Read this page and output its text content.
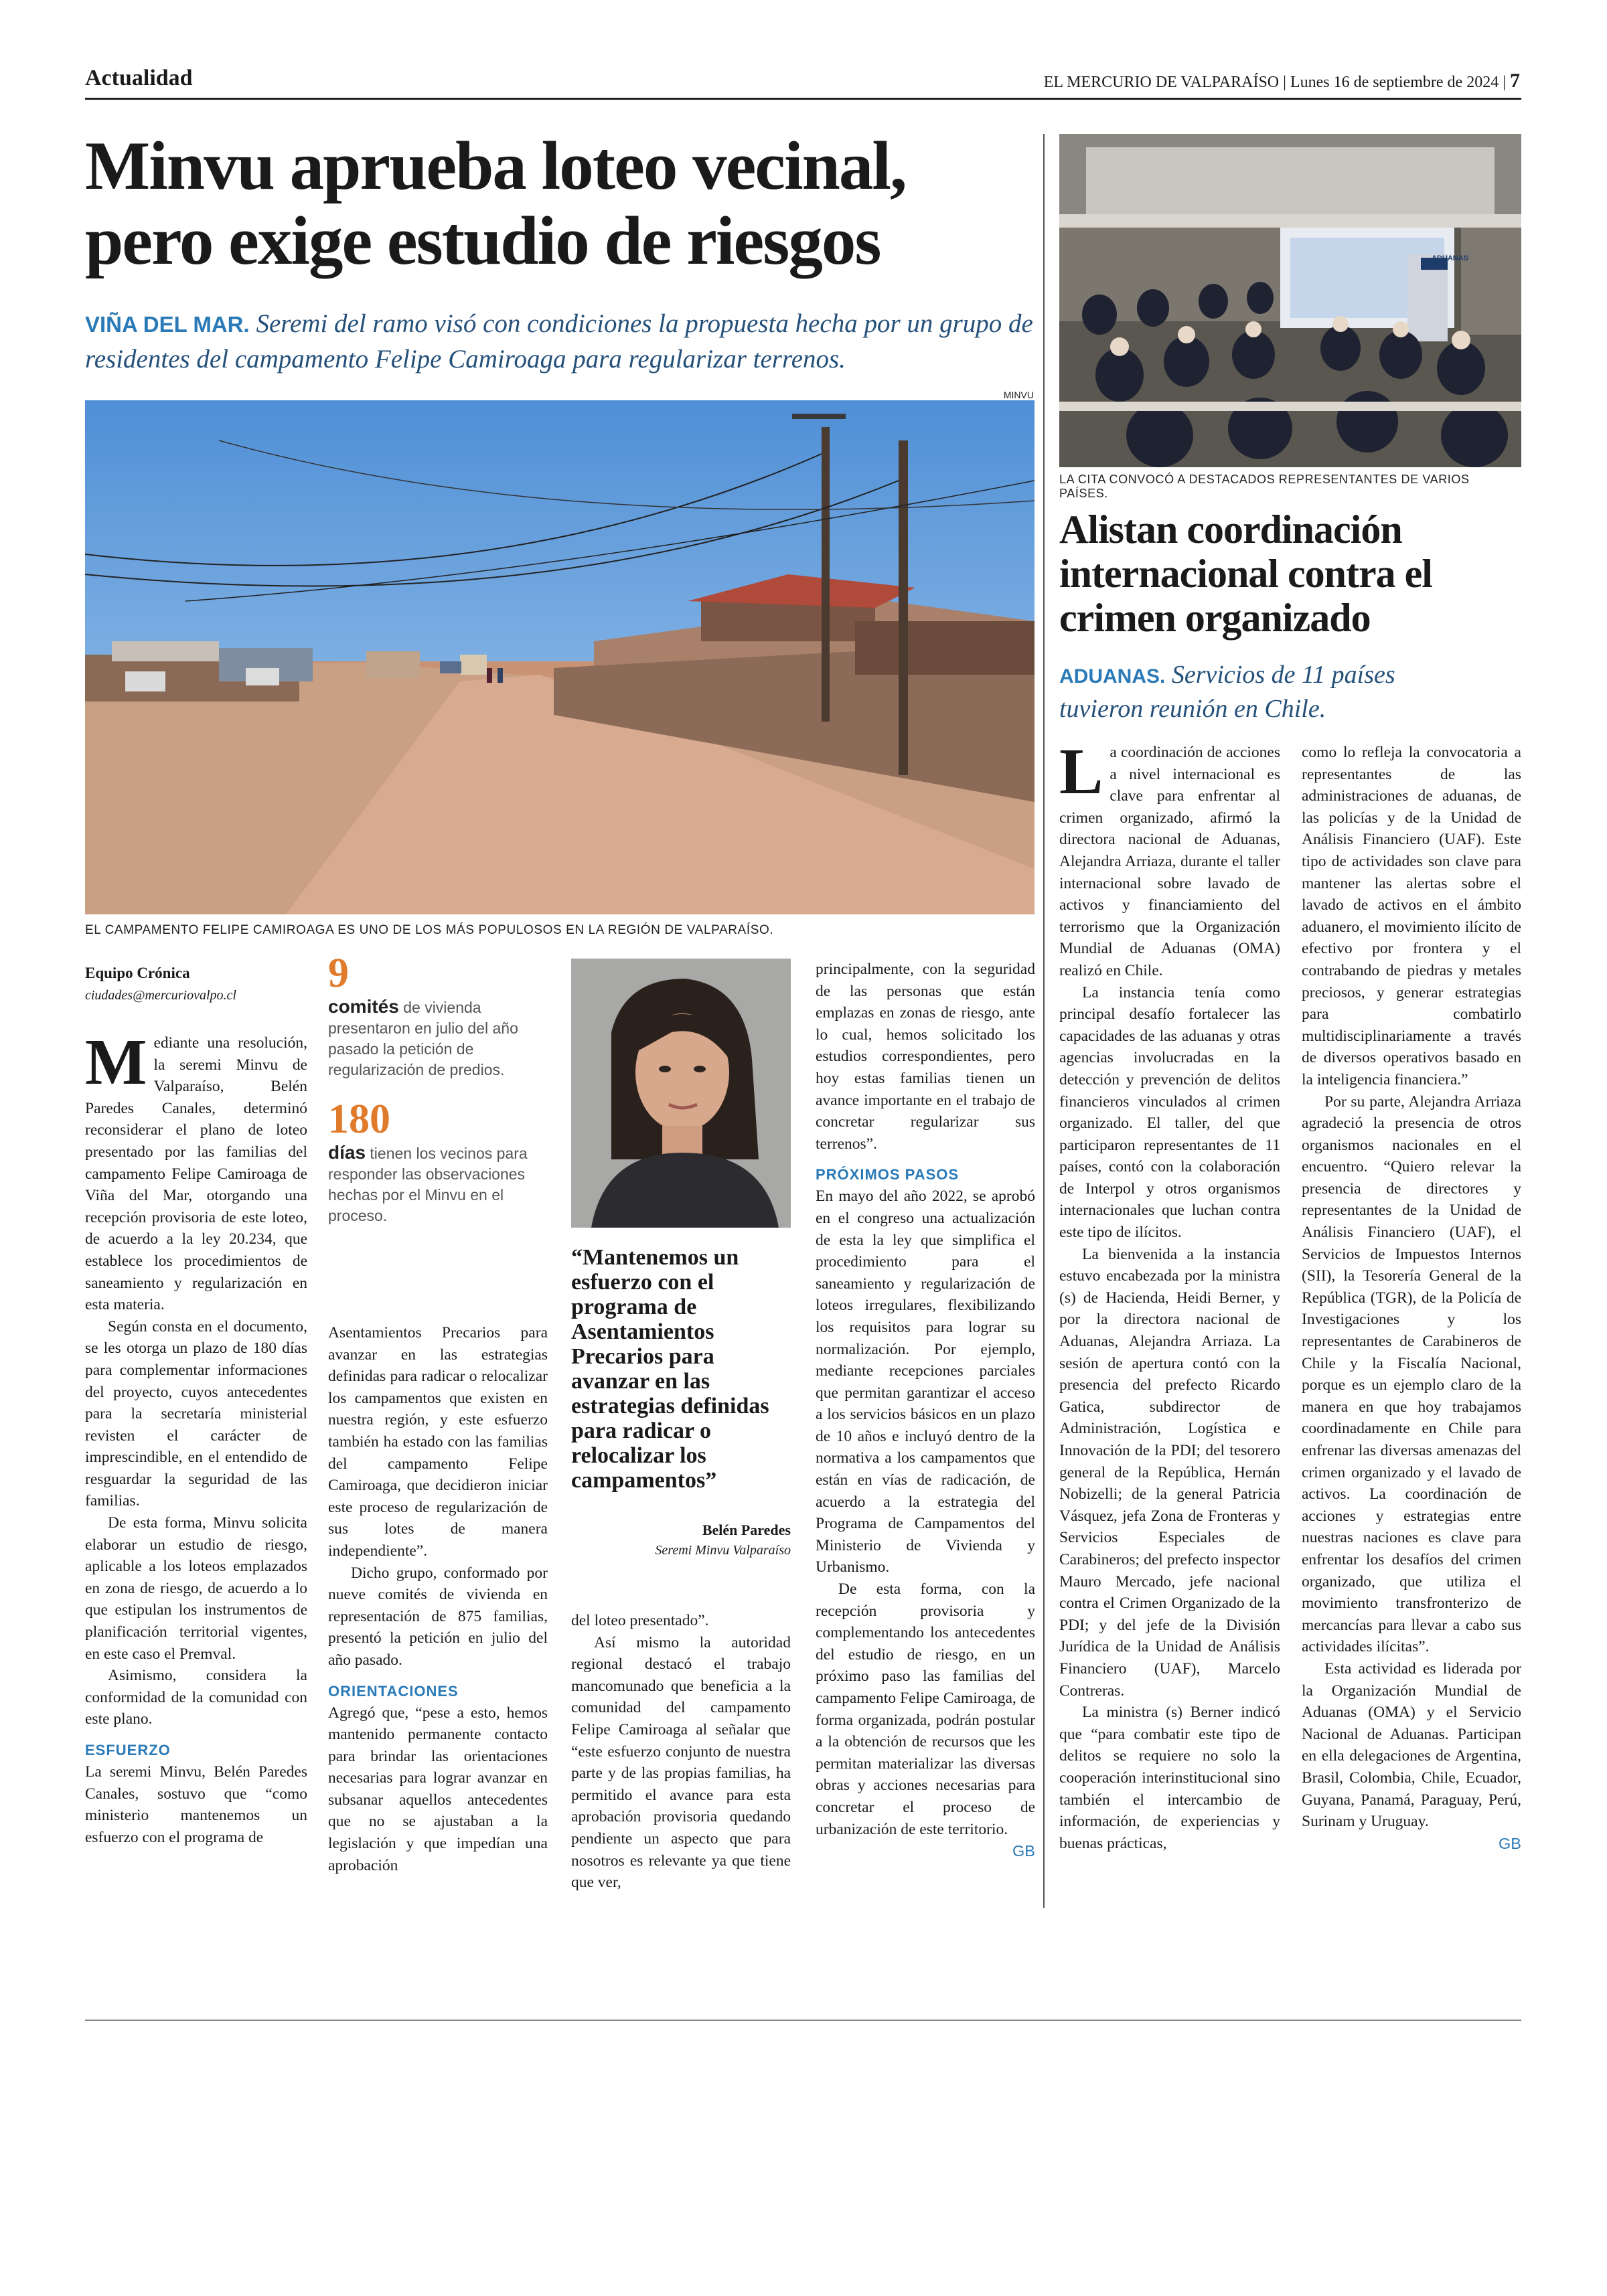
Actualidad	EL MERCURIO DE VALPARAÍSO | Lunes 16 de septiembre de 2024 | 7
Minvu aprueba loteo vecinal,
pero exige estudio de riesgos
VIÑA DEL MAR. Seremi del ramo visó con condiciones la propuesta hecha por un grupo de residentes del campamento Felipe Camiroaga para regularizar terrenos.
MINVU
EL CAMPAMENTO FELIPE CAMIROAGA ES UNO DE LOS MÁS POPULOSOS EN LA REGIÓN DE VALPARAÍSO.
Equipo Crónica
ciudades@mercuriovalpo.cl

Mediante una resolución, la seremi Minvu de Valparaíso, Belén Paredes Canales, determinó reconsiderar el plano de loteo presentado por las familias del campamento Felipe Camiroaga de Viña del Mar, otorgando una recepción provisoria de este loteo, de acuerdo a la ley 20.234, que establece los procedimientos de saneamiento y regularización en esta materia.

Según consta en el documento, se les otorga un plazo de 180 días para complementar informaciones del proyecto, cuyos antecedentes para la secretaría ministerial revisten el carácter de imprescindible, en el entendido de resguardar la seguridad de las familias.

De esta forma, Minvu solicita elaborar un estudio de riesgo, aplicable a los loteos emplazados en zona de riesgo, de acuerdo a lo que estipulan los instrumentos de planificación territorial vigentes, en este caso el Premval.

Asimismo, considera la conformidad de la comunidad con este plano.

ESFUERZO

La seremi Minvu, Belén Paredes Canales, sostuvo que “como ministerio mantenemos un esfuerzo con el programa de

9
comités de vivienda presentaron en julio del año pasado la petición de regularización de predios.
180
días tienen los vecinos para responder las observaciones hechas por el Minvu en el proceso.

Asentamientos Precarios para avanzar en las estrategias definidas para radicar o relocalizar los campamentos que existen en nuestra región, y este esfuerzo también ha estado con las familias del campamento Felipe Camiroaga, que decidieron iniciar este proceso de regularización de sus lotes de manera independiente”.

Dicho grupo, conformado por nueve comités de vivienda en representación de 875 familias, presentó la petición en julio del año pasado.

ORIENTACIONES

Agregó que, “pese a esto, hemos mantenido permanente contacto para brindar las orientaciones necesarias para lograr avanzar en subsanar aquellos antecedentes que no se ajustaban a la legislación y que impedían una aprobación

“Mantenemos un esfuerzo con el programa de Asentamientos Precarios para avanzar en las estrategias definidas para radicar o relocalizar los campamentos”
Belén Paredes
Seremi Minvu Valparaíso

del loteo presentado”.

Así mismo la autoridad regional destacó el trabajo mancomunado que beneficia a la comunidad del campamento Felipe Camiroaga al señalar que “este esfuerzo conjunto de nuestra parte y de las propias familias, ha permitido el avance para esta aprobación provisoria quedando pendiente un aspecto que para nosotros es relevante ya que tiene que ver,

principalmente, con la seguridad de las personas que están emplazas en zonas de riesgo, ante lo cual, hemos solicitado los estudios correspondientes, pero hoy estas familias tienen un avance importante en el trabajo de concretar regularizar sus terrenos”.

PRÓXIMOS PASOS

En mayo del año 2022, se aprobó en el congreso una actualización de esta la ley que simplifica el procedimiento para el saneamiento y regularización de loteos irregulares, flexibilizando los requisitos para lograr su normalización. Por ejemplo, mediante recepciones parciales que permitan garantizar el acceso a los servicios básicos en un plazo de 10 años e incluyó dentro de la normativa a los campamentos que están en vías de radicación, de acuerdo a la estrategia del Programa de Campamentos del Ministerio de Vivienda y Urbanismo.

De esta forma, con la recepción provisoria y complementando los antecedentes del estudio de riesgo, en un próximo paso las familias del campamento Felipe Camiroaga, de forma organizada, podrán postular a la obtención de recursos que les permitan materializar las diversas obras y acciones necesarias para concretar el proceso de urbanización de este territorio.

GB
ADUANAS
LA CITA CONVOCÓ A DESTACADOS REPRESENTANTES DE VARIOS PAÍSES.
Alistan coordinación
internacional contra el
crimen organizado
ADUANAS. Servicios de 11 países
tuvieron reunión en Chile.

La coordinación de acciones a nivel internacional es clave para enfrentar al crimen organizado, afirmó la directora nacional de Aduanas, Alejandra Arriaza, durante el taller internacional sobre lavado de activos y financiamiento del terrorismo que la Organización Mundial de Aduanas (OMA) realizó en Chile.

La instancia tenía como principal desafío fortalecer las capacidades de las aduanas y otras agencias involucradas en la detección y prevención de delitos financieros vinculados al crimen organizado. El taller, del que participaron representantes de 11 países, contó con la colaboración de Interpol y otros organismos internacionales que luchan contra este tipo de ilícitos.

La bienvenida a la instancia estuvo encabezada por la ministra (s) de Hacienda, Heidi Berner, y por la directora nacional de Aduanas, Alejandra Arriaza. La sesión de apertura contó con la presencia del prefecto Ricardo Gatica, subdirector de Administración, Logística e Innovación de la PDI; del tesorero general de la República, Hernán Nobizelli; de la general Patricia Vásquez, jefa Zona de Fronteras y Servicios Especiales de Carabineros; del prefecto inspector Mauro Mercado, jefe nacional contra el Crimen Organizado de la PDI; y del jefe de la División Jurídica de la Unidad de Análisis Financiero (UAF), Marcelo Contreras.

La ministra (s) Berner indicó que “para combatir este tipo de delitos se requiere no solo la cooperación interinstitucional sino también el intercambio de información, de experiencias y buenas prácticas,

como lo refleja la convocatoria a representantes de las administraciones de aduanas, de las policías y de la Unidad de Análisis Financiero (UAF). Este tipo de actividades son clave para mantener las alertas sobre el lavado de activos en el ámbito aduanero, el movimiento ilícito de efectivo por frontera y el contrabando de piedras y metales preciosos, y generar estrategias para combatirlo multidisciplinariamente a través de diversos operativos basado en la inteligencia financiera.”

Por su parte, Alejandra Arriaza agradeció la presencia de otros organismos nacionales en el encuentro. “Quiero relevar la presencia de directores y representantes de la Unidad de Análisis Financiero (UAF), el Servicios de Impuestos Internos (SII), la Tesorería General de la República (TGR), de la Policía de Investigaciones y los representantes de Carabineros de Chile y la Fiscalía Nacional, porque es un ejemplo claro de la manera en que hoy trabajamos coordinadamente en Chile para enfrenar las diversas amenazas del crimen organizado y el lavado de activos. La coordinación de acciones y estrategias entre nuestras naciones es clave para enfrentar los desafíos del crimen organizado, que utiliza el movimiento transfronterizo de mercancías para llevar a cabo sus actividades ilícitas”.

Esta actividad es liderada por la Organización Mundial de Aduanas (OMA) y el Servicio Nacional de Aduanas. Participan en ella delegaciones de Argentina, Brasil, Colombia, Chile, Ecuador, Guyana, Panamá, Paraguay, Perú, Surinam y Uruguay.

GB
